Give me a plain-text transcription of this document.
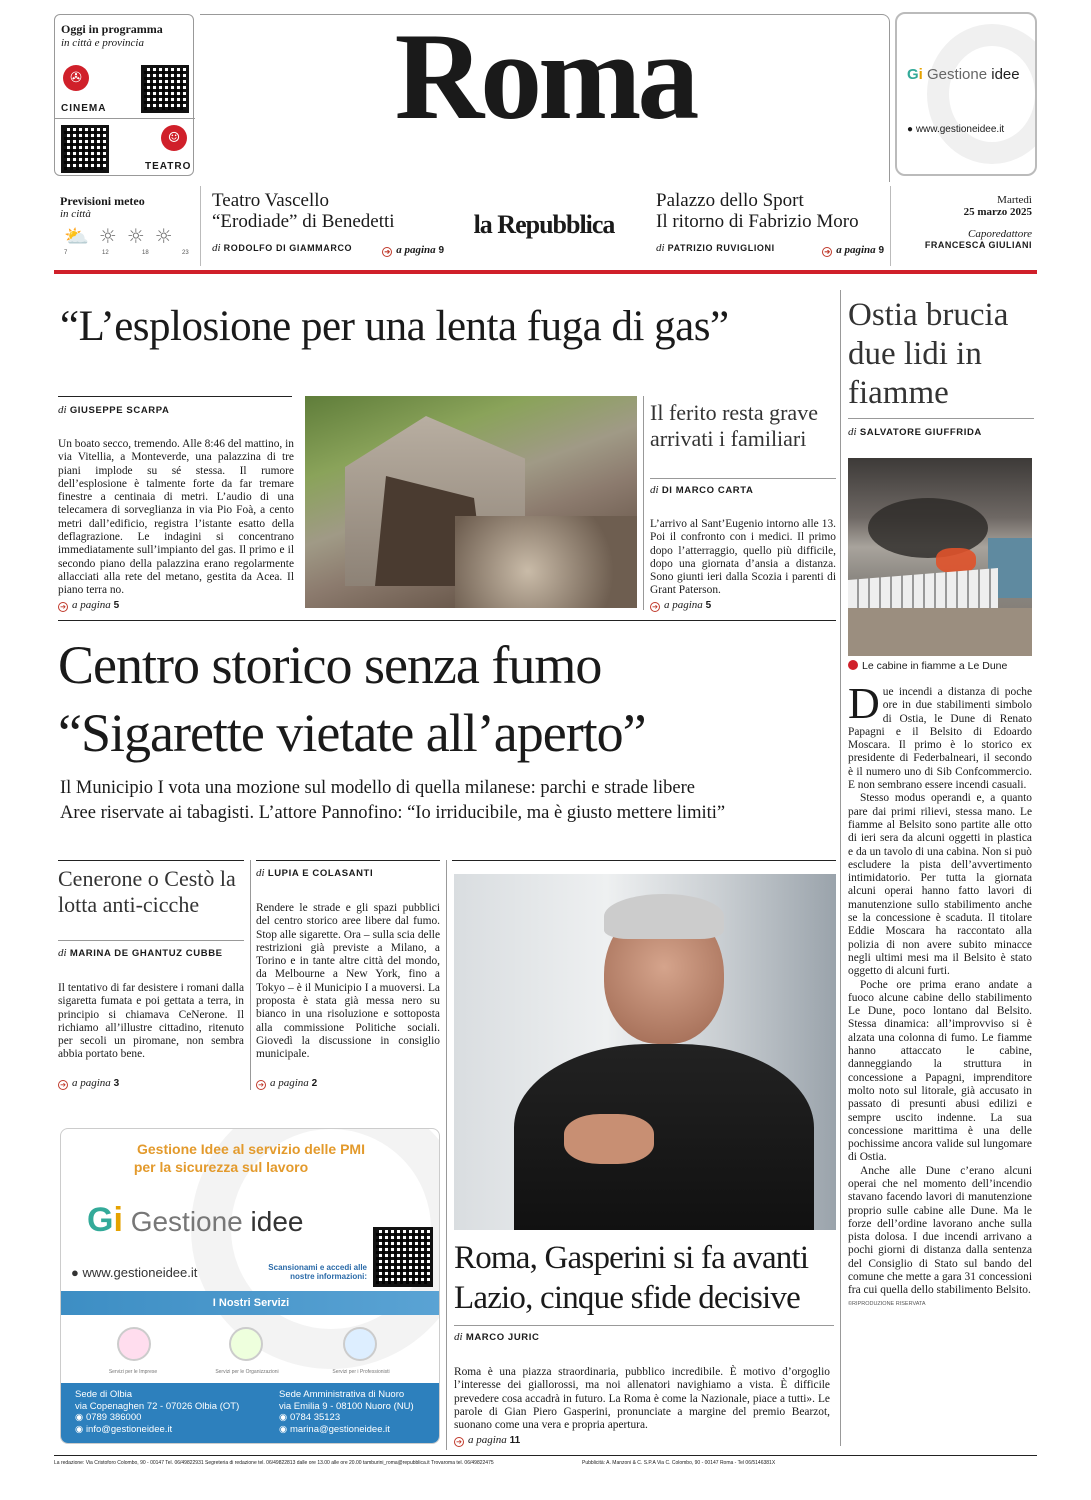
Oggi in programma
in città e provincia
✇
CINEMA
☺
TEATRO
Roma	Gi Gestione idee
● www.gestioneidee.it
Previsioni meteo
in città
⛅☼☼☼
7	12	18	23
Teatro Vascello
“Erodiade” di Benedetti
di RODOLFO DI GIAMMARCO	➔ a pagina 9
la Repubblica
Palazzo dello Sport
Il ritorno di Fabrizio Moro
di PATRIZIO RUVIGLIONI	➔ a pagina 9
Martedì
25 marzo 2025
Caporedattore
FRANCESCA GIULIANI
“L’esplosione per una lenta fuga di gas”
di GIUSEPPE SCARPA
Un boato secco, tremendo. Alle 8:46 del mattino, in via Vitellia, a Monteverde, una palazzina di tre piani implode su sé stessa. Il rumore dell’esplosione è talmente forte da far tremare finestre a centinaia di metri. L’audio di una telecamera di sorveglianza in via Pio Foà, a cento metri dall’edificio, registra l’istante esatto della deflagrazione. Le indagini si concentrano immediatamente sull’impianto del gas. Il primo e il secondo piano della palazzina erano regolarmente allacciati alla rete del metano, gestita da Acea. Il piano terra no.
➔ a pagina 5
Il ferito resta grave arrivati i familiari
di DI MARCO CARTA
L’arrivo al Sant’Eugenio intorno alle 13. Poi il confronto con i medici. Il primo dopo l’atterraggio, quello più difficile, dopo una giornata d’ansia a distanza. Sono giunti ieri dalla Scozia i parenti di Grant Paterson.
➔ a pagina 5
Centro storico senza fumo
“Sigarette vietate all’aperto”
Il Municipio I vota una mozione sul modello di quella milanese: parchi e strade libere
Aree riservate ai tabagisti. L’attore Pannofino: “Io irriducibile, ma è giusto mettere limiti”
Cenerone o Cestò la lotta anti-cicche
di MARINA DE GHANTUZ CUBBE
Il tentativo di far desistere i romani dalla sigaretta fumata e poi gettata a terra, in principio si chiamava CeNerone. Il richiamo all’illustre cittadino, ritenuto per secoli un piromane, non sembra abbia portato bene.
➔ a pagina 3
di LUPIA E COLASANTI
Rendere le strade e gli spazi pubblici del centro storico aree libere dal fumo. Stop alle sigarette. Ora – sulla scia delle restrizioni già previste a Milano, a Torino e in tante altre città del mondo, da Melbourne a New York, fino a Tokyo – è il Municipio I a muoversi. La proposta è stata già messa nero su bianco in una risoluzione e sottoposta alla commissione Politiche sociali. Giovedì la discussione in consiglio municipale.
➔ a pagina 2
Gestione Idee al servizio delle PMI
per la sicurezza sul lavoro
Gi Gestione idee
● www.gestioneidee.it	Scansionami e accedi alle nostre informazioni:
I Nostri Servizi
Servizi per le Imprese	Servizi per le Organizzazioni	Servizi per i Professionisti
Sede di Olbia
via Copenaghen 72 - 07026 Olbia (OT)
◉ 0789 386000
◉ info@gestioneidee.it
Sede Amministrativa di Nuoro
via Emilia 9 - 08100 Nuoro (NU)
◉ 0784 35123
◉ marina@gestioneidee.it
Roma, Gasperini si fa avanti
Lazio, cinque sfide decisive
di MARCO JURIC
Roma è una piazza straordinaria, pubblico incredibile. È motivo d’orgoglio l’interesse dei giallorossi, ma noi allenatori navighiamo a vista. È difficile prevedere cosa accadrà in futuro. La Roma è come la Nazionale, piace a tutti». Le parole di Gian Piero Gasperini, pronunciate a margine del premio Bearzot, suonano come una vera e propria apertura.
➔ a pagina 11
Ostia brucia due lidi in fiamme
di SALVATORE GIUFFRIDA
Le cabine in fiamme a Le Dune
Due incendi a distanza di poche ore in due stabilimenti simbolo di Ostia, le Dune di Renato Papagni e il Belsito di Edoardo Moscara. Il primo è lo storico ex presidente di Federbalneari, il secondo è il numero uno di Sib Confcommercio. E non sembrano essere incendi casuali.
Stesso modus operandi e, a quanto pare dai primi rilievi, stessa mano. Le fiamme al Belsito sono partite alle otto di ieri sera da alcuni oggetti in plastica e da un tavolo di una cabina. Non si può escludere la pista dell’avvertimento intimidatorio. Per tutta la giornata alcuni operai hanno fatto lavori di manutenzione sullo stabilimento anche se la concessione è scaduta. Il titolare Eddie Moscara ha raccontato alla polizia di non avere subito minacce negli ultimi mesi ma il Belsito è stato oggetto di alcuni furti.
Poche ore prima erano andate a fuoco alcune cabine dello stabilimento Le Dune, poco lontano dal Belsito. Stessa dinamica: all’improvviso si è alzata una colonna di fumo. Le fiamme hanno attaccato le cabine, danneggiando la struttura in concessione a Papagni, imprenditore molto noto sul litorale, già accusato in passato di presunti abusi edilizi e sempre uscito indenne. La sua concessione marittima è una delle pochissime ancora valide sul lungomare di Ostia.
Anche alle Dune c’erano alcuni operai che nel momento dell’incendio stavano facendo lavori di manutenzione proprio sulle cabine alle Dune. Ma le forze dell’ordine lavorano anche sulla pista dolosa. I due incendi arrivano a pochi giorni di distanza dalla sentenza del Consiglio di Stato sul bando del comune che mette a gara 31 concessioni fra cui quella dello stabilimento Belsito.
©RIPRODUZIONE RISERVATA
La redazione: Via Cristoforo Colombo, 90 - 00147 Tel. 06/49822931 Segreteria di redazione tel. 06/49822813 dalle ore 13.00 alle ore 20.00 tamburini_roma@repubblica.it Trovaroma tel. 06/49822475	Pubblicità: A. Manzoni & C. S.P.A Via C. Colombo, 90 - 00147 Roma - Tel 06/5146381X
